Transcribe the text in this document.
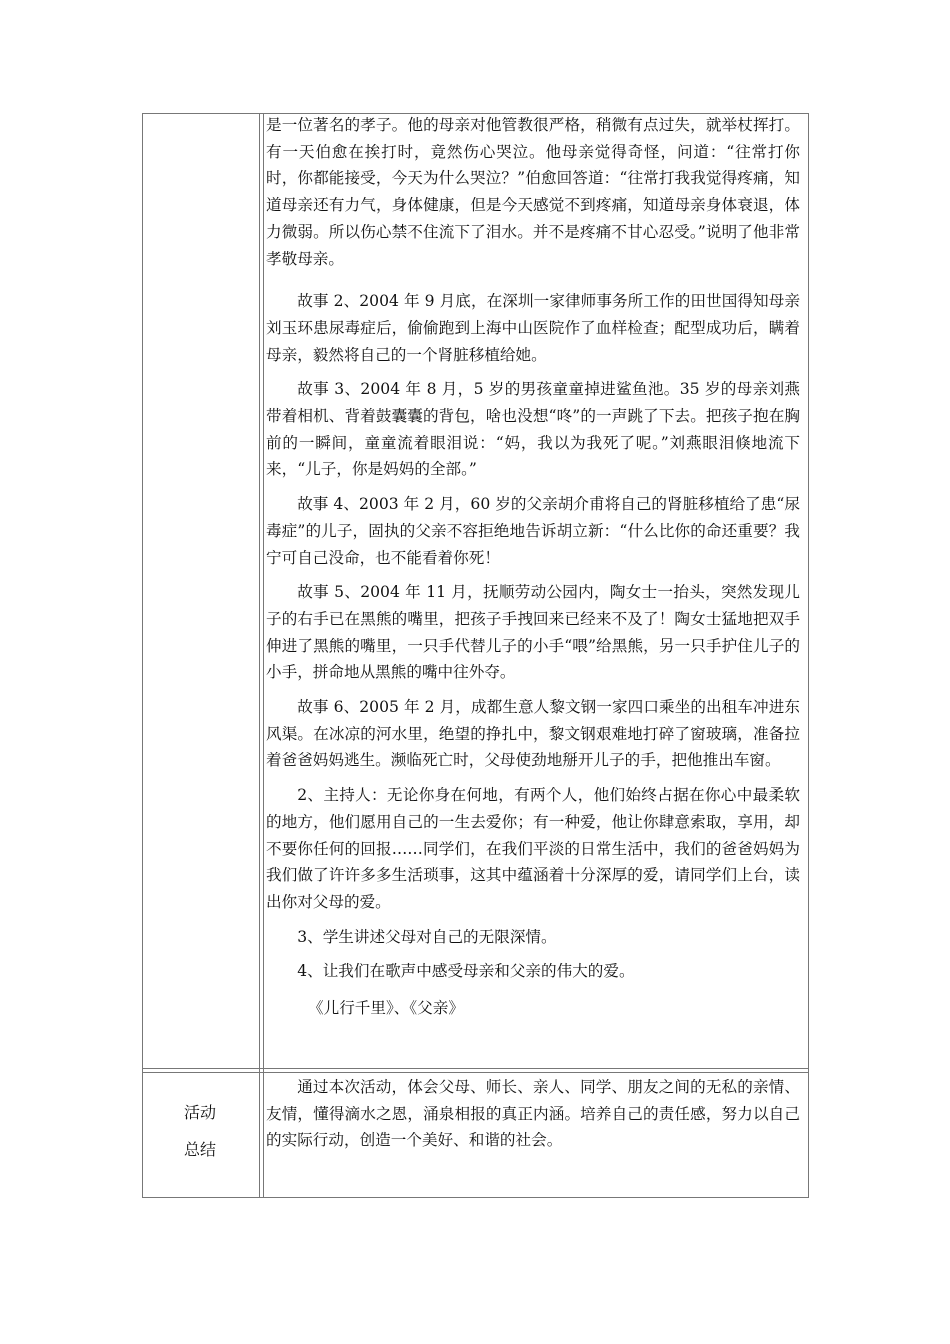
是一位著名的孝子。他的母亲对他管教很严格，稍微有点过失，就举杖挥打。有一天伯愈在挨打时，竟然伤心哭泣。他母亲觉得奇怪，问道：“往常打你时，你都能接受，今天为什么哭泣？”伯愈回答道：“往常打我我觉得疼痛，知道母亲还有力气，身体健康，但是今天感觉不到疼痛，知道母亲身体衰退，体力微弱。所以伤心禁不住流下了泪水。并不是疼痛不甘心忍受。”说明了他非常孝敬母亲。

故事 2、2004 年 9 月底，在深圳一家律师事务所工作的田世国得知母亲刘玉环患尿毒症后，偷偷跑到上海中山医院作了血样检查；配型成功后，瞒着母亲，毅然将自己的一个肾脏移植给她。

故事 3、2004 年 8 月，5 岁的男孩童童掉进鲨鱼池。35 岁的母亲刘燕带着相机、背着鼓囊囊的背包，啥也没想“咚”的一声跳了下去。把孩子抱在胸前的一瞬间，童童流着眼泪说：“妈，我以为我死了呢。”刘燕眼泪倏地流下来，“儿子，你是妈妈的全部。”

故事 4、2003 年 2 月，60 岁的父亲胡介甫将自己的肾脏移植给了患“尿毒症”的儿子，固执的父亲不容拒绝地告诉胡立新：“什么比你的命还重要？我宁可自己没命，也不能看着你死！

故事 5、2004 年 11 月，抚顺劳动公园内，陶女士一抬头，突然发现儿子的右手已在黑熊的嘴里，把孩子手拽回来已经来不及了！陶女士猛地把双手伸进了黑熊的嘴里，一只手代替儿子的小手“喂”给黑熊，另一只手护住儿子的小手，拼命地从黑熊的嘴中往外夺。

故事 6、2005 年 2 月，成都生意人黎文钢一家四口乘坐的出租车冲进东风渠。在冰凉的河水里，绝望的挣扎中，黎文钢艰难地打碎了窗玻璃，准备拉着爸爸妈妈逃生。濒临死亡时，父母使劲地掰开儿子的手，把他推出车窗。

2、主持人：无论你身在何地，有两个人，他们始终占据在你心中最柔软的地方，他们愿用自己的一生去爱你；有一种爱，他让你肆意索取，享用，却不要你任何的回报……同学们，在我们平淡的日常生活中，我们的爸爸妈妈为我们做了许许多多生活琐事，这其中蕴涵着十分深厚的爱，请同学们上台，读出你对父母的爱。

3、学生讲述父母对自己的无限深情。

4、让我们在歌声中感受母亲和父亲的伟大的爱。

《儿行千里》、《父亲》

活动
总结

通过本次活动，体会父母、师长、亲人、同学、朋友之间的无私的亲情、友情，懂得滴水之恩，涌泉相报的真正内涵。培养自己的责任感，努力以自己的实际行动，创造一个美好、和谐的社会。
